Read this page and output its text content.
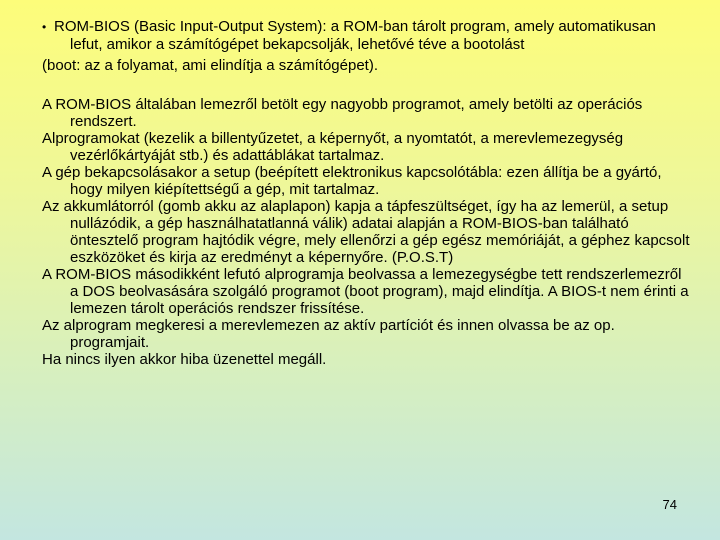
• ROM-BIOS (Basic Input-Output System): a ROM-ban tárolt program, amely automatikusan lefut, amikor a számítógépet bekapcsolják, lehetővé téve a bootolást

(boot: az a folyamat, ami elindítja a számítógépet).

A ROM-BIOS általában lemezről betölt egy nagyobb programot, amely betölti az operációs rendszert.

Alprogramokat (kezelik a billentyűzetet, a képernyőt, a nyomtatót, a merevlemezegység vezérlőkártyáját stb.) és adattáblákat tartalmaz.

A gép bekapcsolásakor a setup (beépített elektronikus kapcsolótábla: ezen állítja be a gyártó, hogy milyen kiépítettségű a gép, mit tartalmaz.

Az akkumlátorról (gomb akku az alaplapon) kapja a tápfeszültséget, így ha az lemerül, a setup nullázódik, a gép használhatatlanná válik) adatai alapján a ROM-BIOS-ban található öntesztelő program hajtódik végre, mely ellenőrzi a gép egész memóriáját, a géphez kapcsolt eszközöket és kirja az eredményt a képernyőre. (P.O.S.T)

A ROM-BIOS másodikként lefutó alprogramja beolvassa a lemezegységbe tett rendszerlemezről a DOS beolvasására szolgáló programot (boot program), majd elindítja. A BIOS-t nem érinti a lemezen tárolt operációs rendszer frissítése.

Az alprogram megkeresi a merevlemezen az aktív partíciót és innen olvassa be az op. programjait.

Ha nincs ilyen akkor hiba üzenettel megáll.

74
